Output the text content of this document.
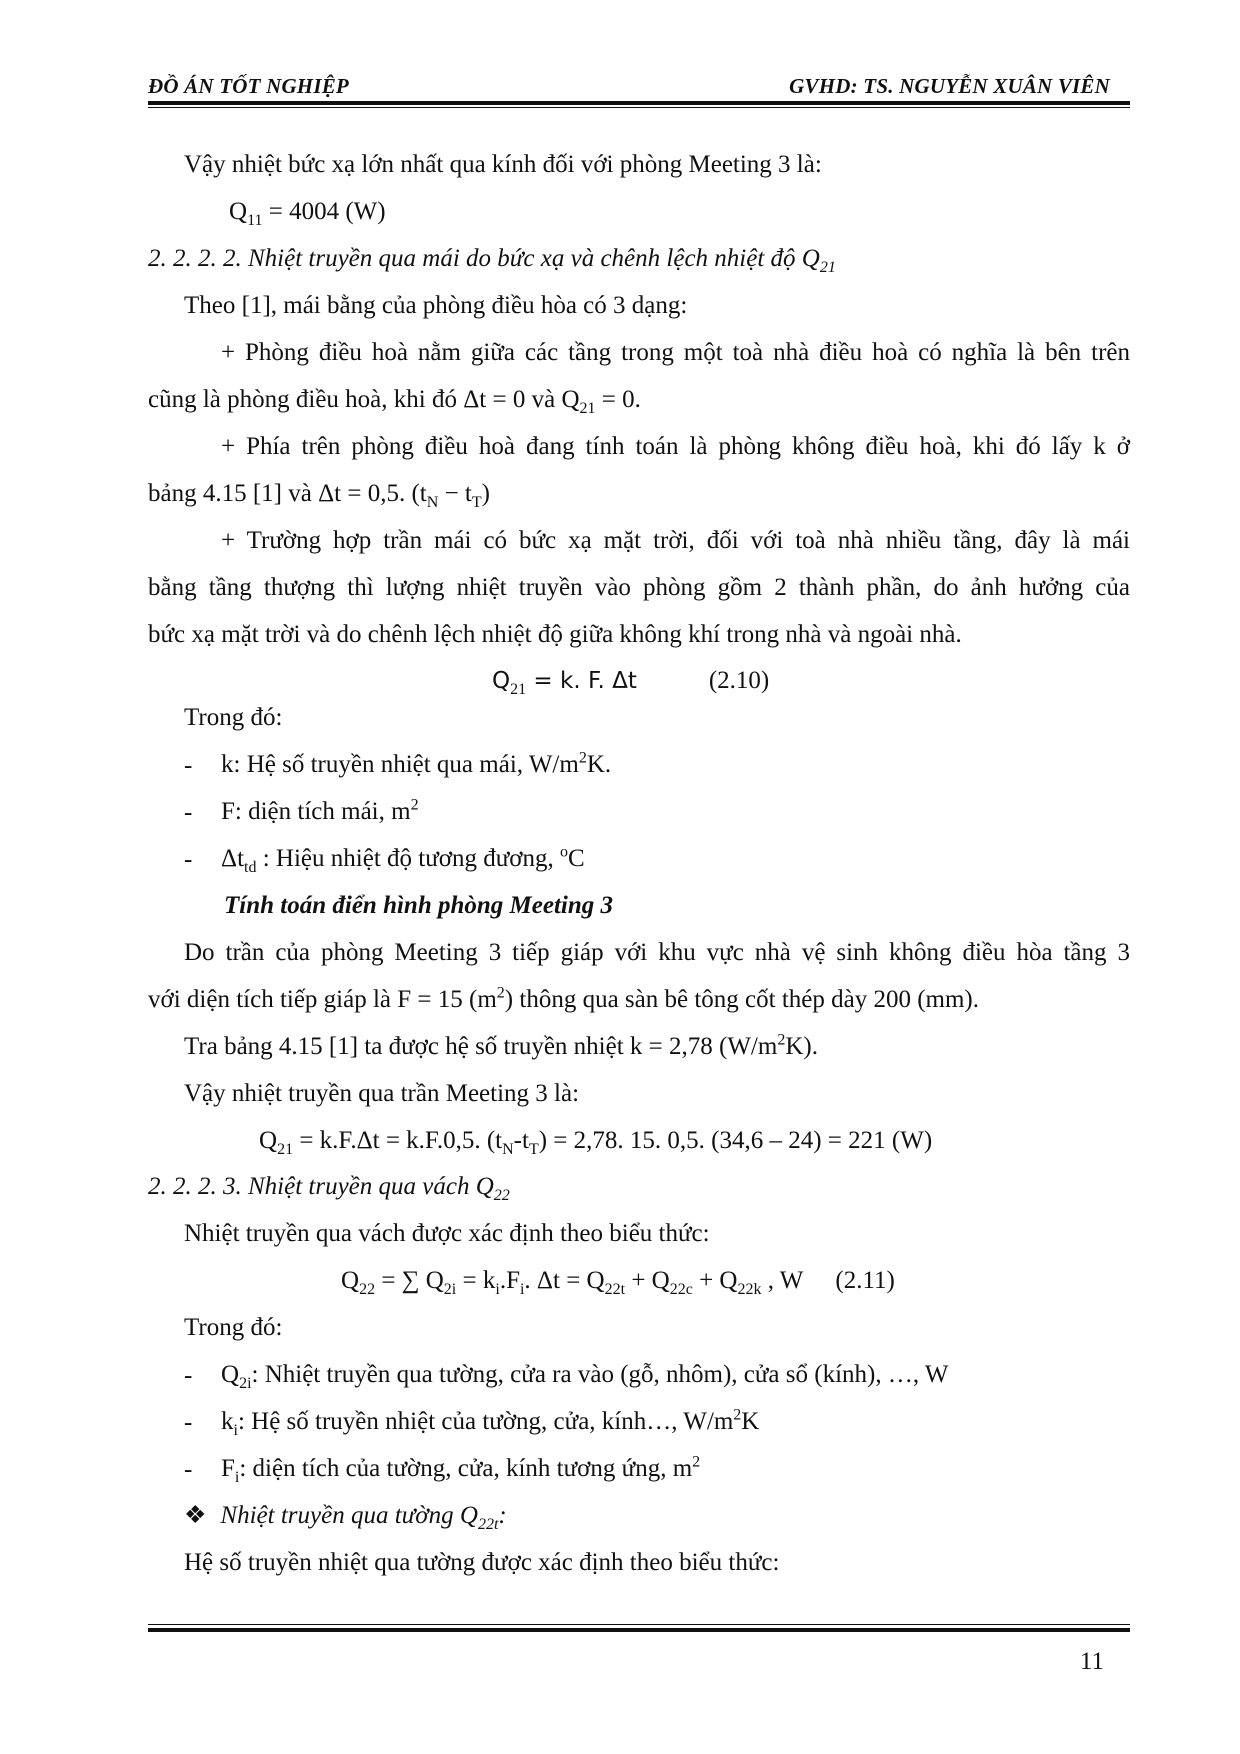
ĐỒ ÁN TỐT NGHIỆP	GVHD: TS. NGUYỄN XUÂN VIÊN
Vậy nhiệt bức xạ lớn nhất qua kính đối với phòng Meeting 3 là:
$Q_{11} = 4004$ (W)
2. 2. 2. 2. Nhiệt truyền qua mái do bức xạ và chênh lệch nhiệt độ $Q_{21}$
Theo [1], mái bằng của phòng điều hòa có 3 dạng:
+ Phòng điều hoà nằm giữa các tầng trong một toà nhà điều hoà có nghĩa là bên trên
cũng là phòng điều hoà, khi đó Δt = 0 và $Q_{21} = 0$.
+ Phía trên phòng điều hoà đang tính toán là phòng không điều hoà, khi đó lấy k ở
bảng 4.15 [1] và Δt = 0,5. $(t_N - t_T)$
+ Trường hợp trần mái có bức xạ mặt trời, đối với toà nhà nhiều tầng, đây là mái
bằng tầng thượng thì lượng nhiệt truyền vào phòng gồm 2 thành phần, do ảnh hưởng của
bức xạ mặt trời và do chênh lệch nhiệt độ giữa không khí trong nhà và ngoài nhà.
$Q_{21} = k$. F. Δt	(2.10)
Trong đó:
- k: Hệ số truyền nhiệt qua mái, $W/m^2K$.
- F: diện tích mái, $m^2$
- $\Delta t_{td}$ : Hiệu nhiệt độ tương đương, $^o$C
Tính toán điển hình phòng Meeting 3
Do trần của phòng Meeting 3 tiếp giáp với khu vực nhà vệ sinh không điều hòa tầng 3
với diện tích tiếp giáp là F = 15 $(m^2)$ thông qua sàn bê tông cốt thép dày 200 (mm).
Tra bảng 4.15 [1] ta được hệ số truyền nhiệt k = 2,78 $(W/m^2K)$.
Vậy nhiệt truyền qua trần Meeting 3 là:
$Q_{21} = k.F.\Delta t = k.F.0,5$. $(t_N-t_T) = 2,78$. 15. 0,5. (34,6 – 24) = 221 (W)
2. 2. 2. 3. Nhiệt truyền qua vách $Q_{22}$
Nhiệt truyền qua vách được xác định theo biểu thức:
$Q_{22}$ = ∑ $Q_{2i} = k_i.F_i$. $\Delta t = Q_{22t} + Q_{22c} + Q_{22k}$ , W (2.11)
Trong đó:
- $Q_{2i}$: Nhiệt truyền qua tường, cửa ra vào (gỗ, nhôm), cửa sổ (kính), …, W
- $k_i$: Hệ số truyền nhiệt của tường, cửa, kính…, $W/m^2K$
- $F_i$: diện tích của tường, cửa, kính tương ứng, $m^2$
❖ Nhiệt truyền qua tường $Q_{22t}$:
Hệ số truyền nhiệt qua tường được xác định theo biểu thức:
11
